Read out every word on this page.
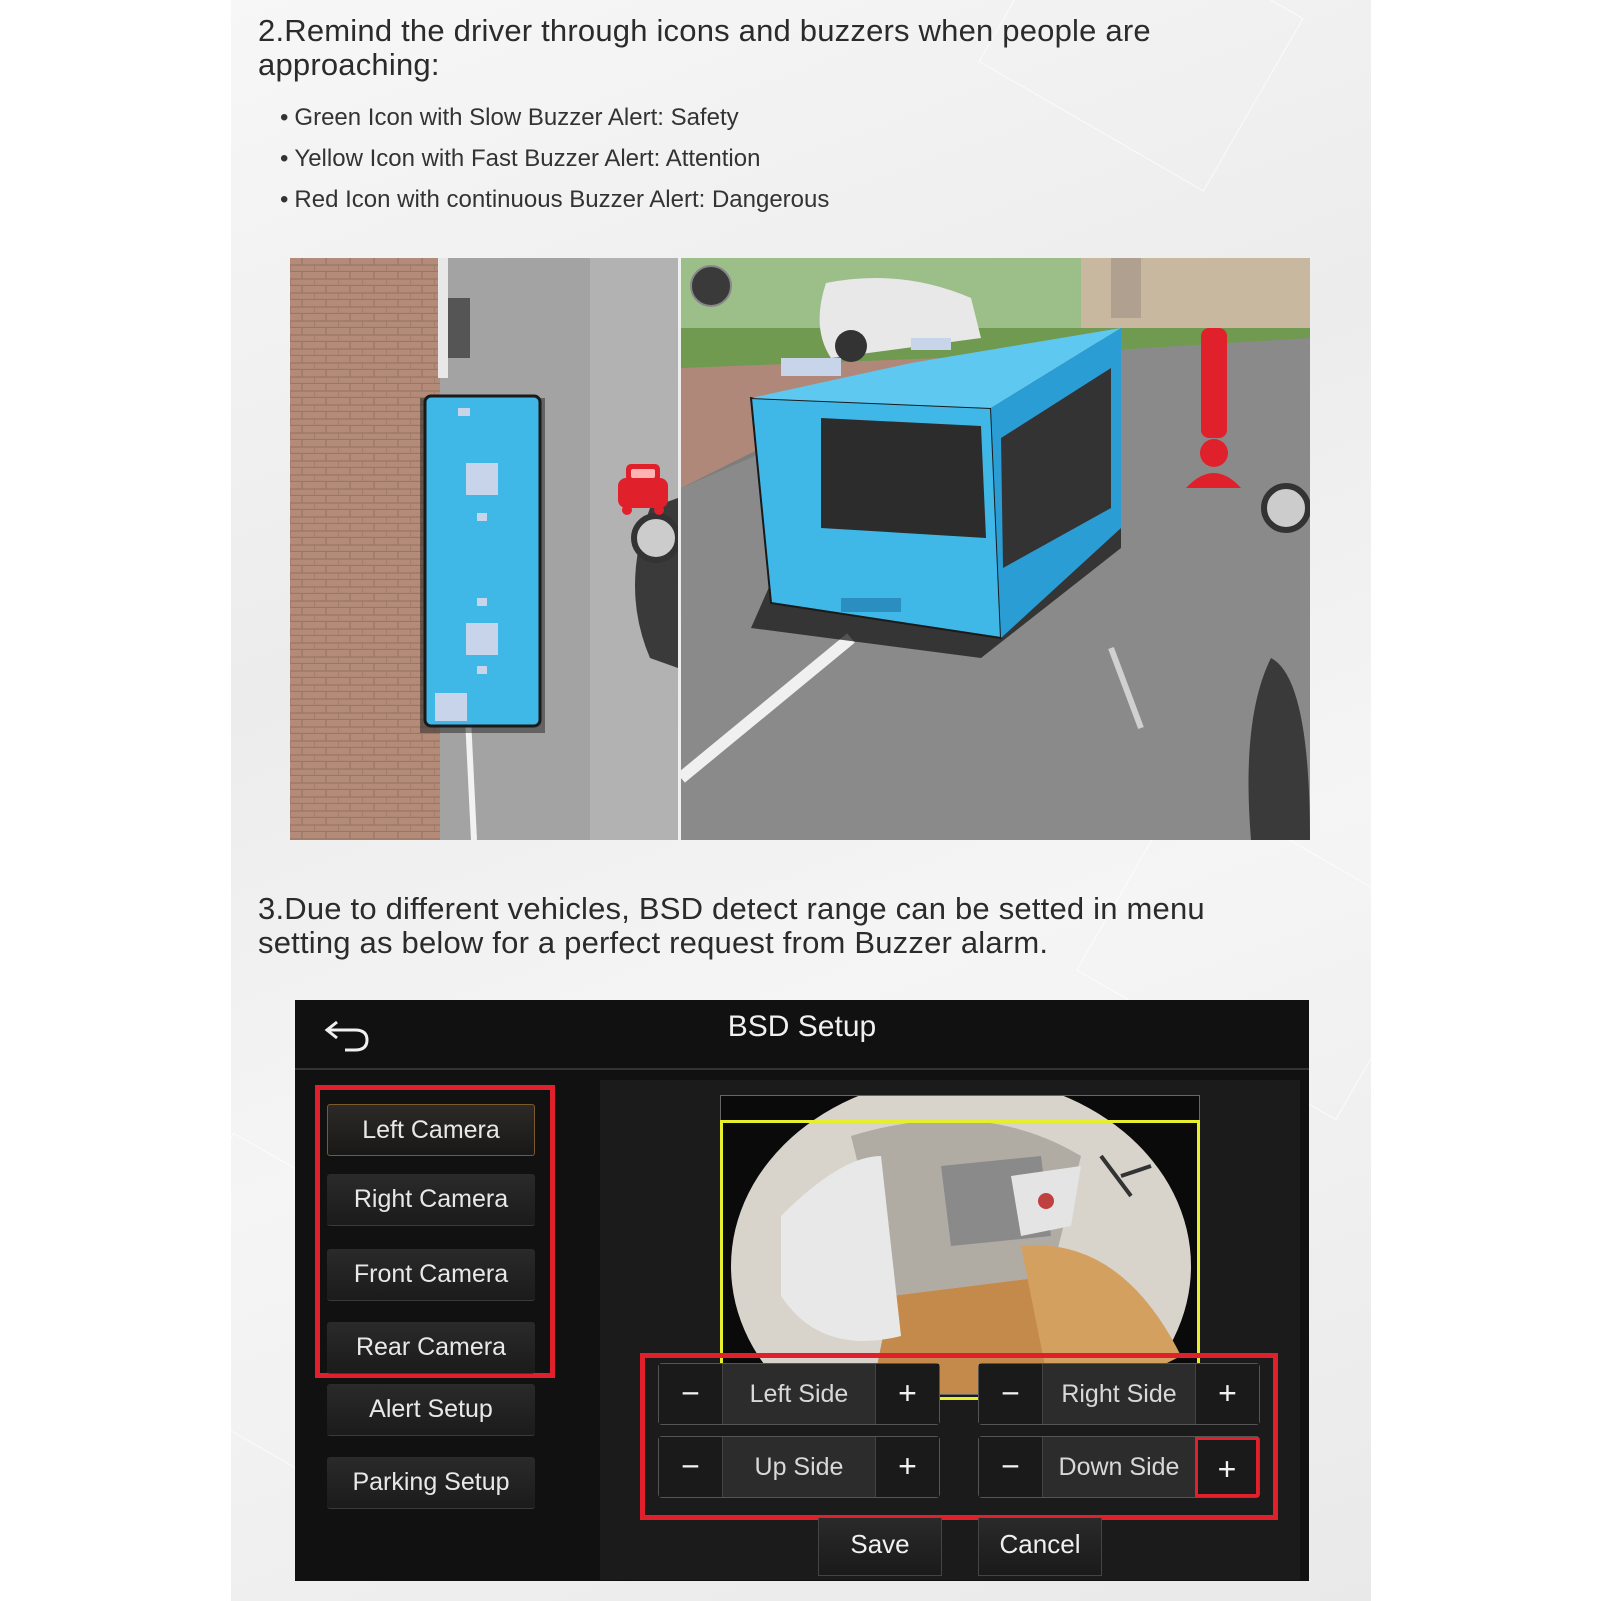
2.Remind the driver through icons and buzzers when people are
approaching:
• Green Icon with Slow Buzzer Alert: Safety
• Yellow Icon with Fast Buzzer Alert: Attention
• Red Icon with continuous Buzzer Alert: Dangerous
3.Due to different vehicles, BSD detect range can be setted in menu
setting as below for a perfect request from Buzzer alarm.
BSD Setup
Left Camera
Right Camera
Front Camera
Rear Camera
Alert Setup
Parking Setup
−	Left Side	+	−	Right Side	+
−	Up Side	+	−	Down Side	+
Save	Cancel
